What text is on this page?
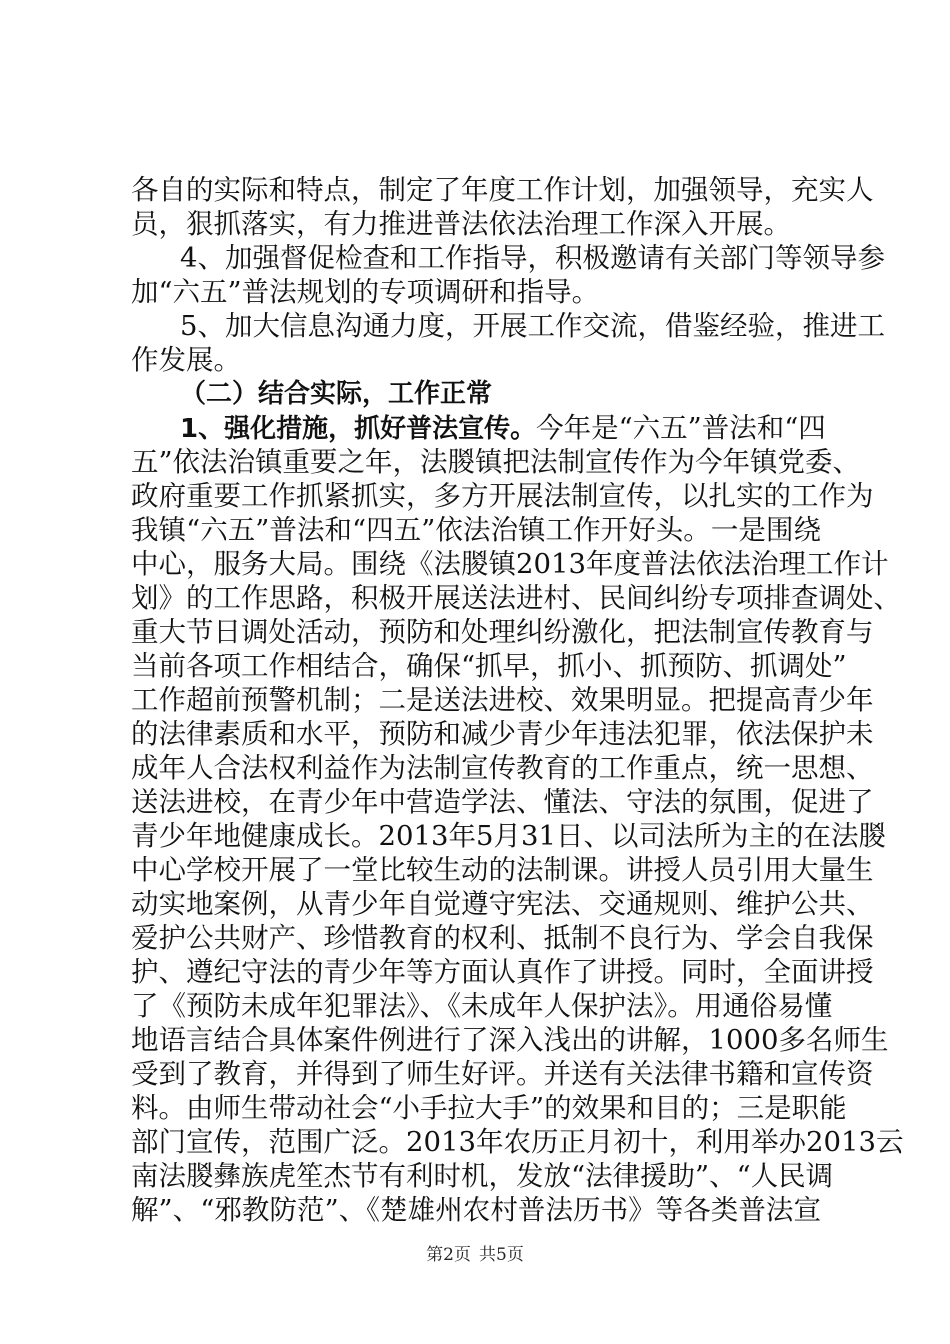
各自的实际和特点，制定了年度工作计划，加强领导，充实人
员，狠抓落实，有力推进普法依法治理工作深入开展。
4、加强督促检查和工作指导，积极邀请有关部门等领导参
加“六五”普法规划的专项调研和指导。
5、加大信息沟通力度，开展工作交流，借鉴经验，推进工
作发展。
（二）结合实际，工作正常
1、强化措施，抓好普法宣传。今年是“六五”普法和“四
五”依法治镇重要之年，法朡镇把法制宣传作为今年镇党委、
政府重要工作抓紧抓实，多方开展法制宣传，以扎实的工作为
我镇“六五”普法和“四五”依法治镇工作开好头。一是围绕
中心，服务大局。围绕《法朡镇2013年度普法依法治理工作计
划》的工作思路，积极开展送法进村、民间纠纷专项排查调处、
重大节日调处活动，预防和处理纠纷激化，把法制宣传教育与
当前各项工作相结合，确保“抓早，抓小、抓预防、抓调处”
工作超前预警机制；二是送法进校、效果明显。把提高青少年
的法律素质和水平，预防和减少青少年违法犯罪，依法保护未
成年人合法权利益作为法制宣传教育的工作重点，统一思想、
送法进校，在青少年中营造学法、懂法、守法的氛围，促进了
青少年地健康成长。2013年5月31日、以司法所为主的在法朡
中心学校开展了一堂比较生动的法制课。讲授人员引用大量生
动实地案例，从青少年自觉遵守宪法、交通规则、维护公共、
爱护公共财产、珍惜教育的权利、抵制不良行为、学会自我保
护、遵纪守法的青少年等方面认真作了讲授。同时，全面讲授
了《预防未成年犯罪法》、《未成年人保护法》。用通俗易懂
地语言结合具体案件例进行了深入浅出的讲解，1000多名师生
受到了教育，并得到了师生好评。并送有关法律书籍和宣传资
料。由师生带动社会“小手拉大手”的效果和目的；三是职能
部门宣传，范围广泛。2013年农历正月初十，利用举办2013云
南法朡彝族虎笙杰节有利时机，发放“法律援助”、“人民调
解”、“邪教防范”、《楚雄州农村普法历书》等各类普法宣
第2页 共5页
